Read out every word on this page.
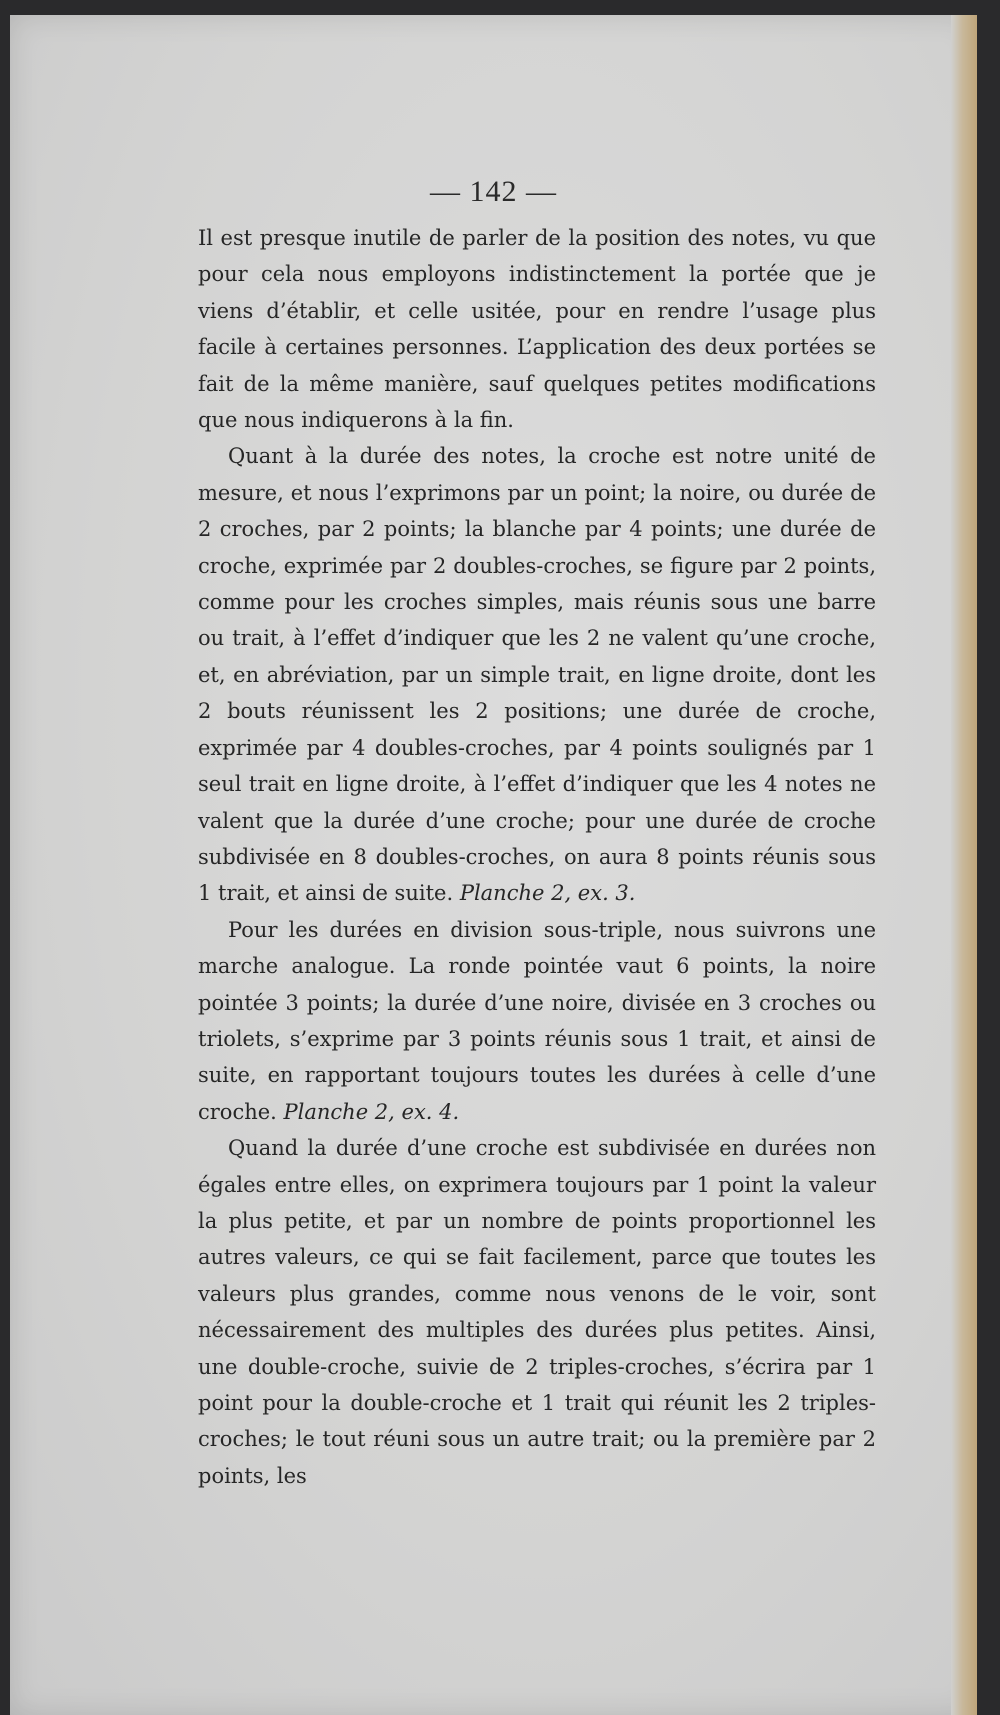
— 142 —

Il est presque inutile de parler de la position des notes, vu que pour cela nous employons indistinctement la portée que je viens d’établir, et celle usitée, pour en rendre l’usage plus facile à certaines personnes. L’application des deux portées se fait de la même manière, sauf quelques petites modifications que nous indiquerons à la fin.

Quant à la durée des notes, la croche est notre unité de mesure, et nous l’exprimons par un point; la noire, ou durée de 2 croches, par 2 points; la blanche par 4 points; une durée de croche, exprimée par 2 doubles-croches, se figure par 2 points, comme pour les croches simples, mais réunis sous une barre ou trait, à l’effet d’indiquer que les 2 ne valent qu’une croche, et, en abréviation, par un simple trait, en ligne droite, dont les 2 bouts réunissent les 2 positions; une durée de croche, exprimée par 4 doubles-croches, par 4 points soulignés par 1 seul trait en ligne droite, à l’effet d’indiquer que les 4 notes ne valent que la durée d’une croche; pour une durée de croche subdivisée en 8 doubles-croches, on aura 8 points réunis sous 1 trait, et ainsi de suite. Planche 2, ex. 3.

Pour les durées en division sous-triple, nous suivrons une marche analogue. La ronde pointée vaut 6 points, la noire pointée 3 points; la durée d’une noire, divisée en 3 croches ou triolets, s’exprime par 3 points réunis sous 1 trait, et ainsi de suite, en rapportant toujours toutes les durées à celle d’une croche. Planche 2, ex. 4.

Quand la durée d’une croche est subdivisée en durées non égales entre elles, on exprimera toujours par 1 point la valeur la plus petite, et par un nombre de points proportionnel les autres valeurs, ce qui se fait facilement, parce que toutes les valeurs plus grandes, comme nous venons de le voir, sont nécessairement des multiples des durées plus petites. Ainsi, une double-croche, suivie de 2 triples-croches, s’écrira par 1 point pour la double-croche et 1 trait qui réunit les 2 triples-croches; le tout réuni sous un autre trait; ou la première par 2 points, les
